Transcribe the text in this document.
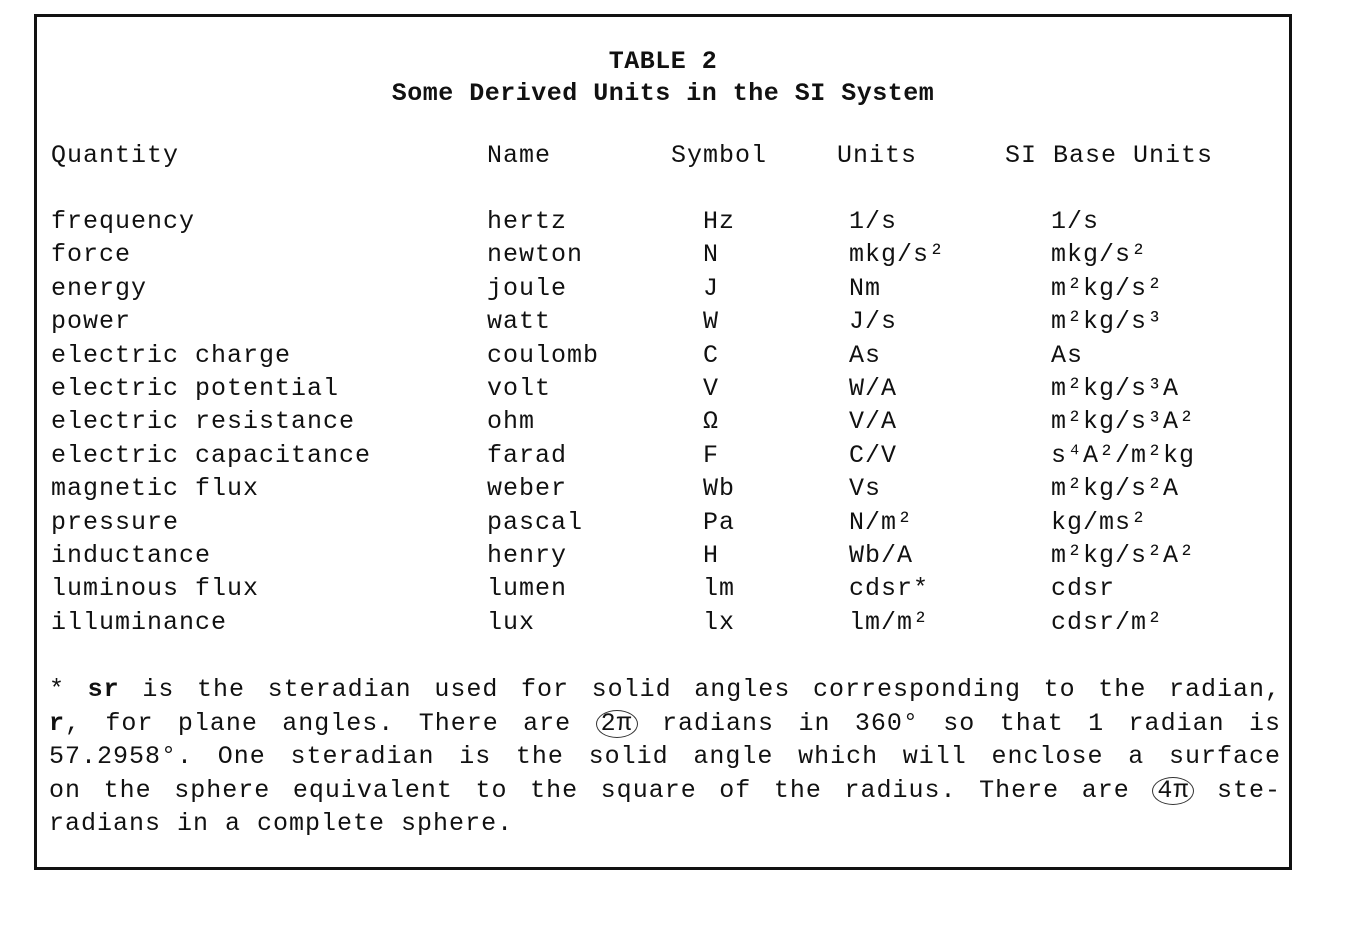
TABLE 2
Some Derived Units in the SI System
Quantity	Name	Symbol	Units	SI Base Units
frequency	hertz	Hz	1/s	1/s
force	newton	N	mkg/s²	mkg/s²
energy	joule	J	Nm	m²kg/s²
power	watt	W	J/s	m²kg/s³
electric charge	coulomb	C	As	As
electric potential	volt	V	W/A	m²kg/s³A
electric resistance	ohm	Ω	V/A	m²kg/s³A²
electric capacitance	farad	F	C/V	s⁴A²/m²kg
magnetic flux	weber	Wb	Vs	m²kg/s²A
pressure	pascal	Pa	N/m²	kg/ms²
inductance	henry	H	Wb/A	m²kg/s²A²
luminous flux	lumen	lm	cdsr*	cdsr
illuminance	lux	lx	lm/m²	cdsr/m²
* sr is the steradian used for solid angles corresponding to the radian,
r, for plane angles. There are 2π radians in 360° so that 1 radian is
57.2958°. One steradian is the solid angle which will enclose a surface
on the sphere equivalent to the square of the radius. There are 4π ste-
radians in a complete sphere.
